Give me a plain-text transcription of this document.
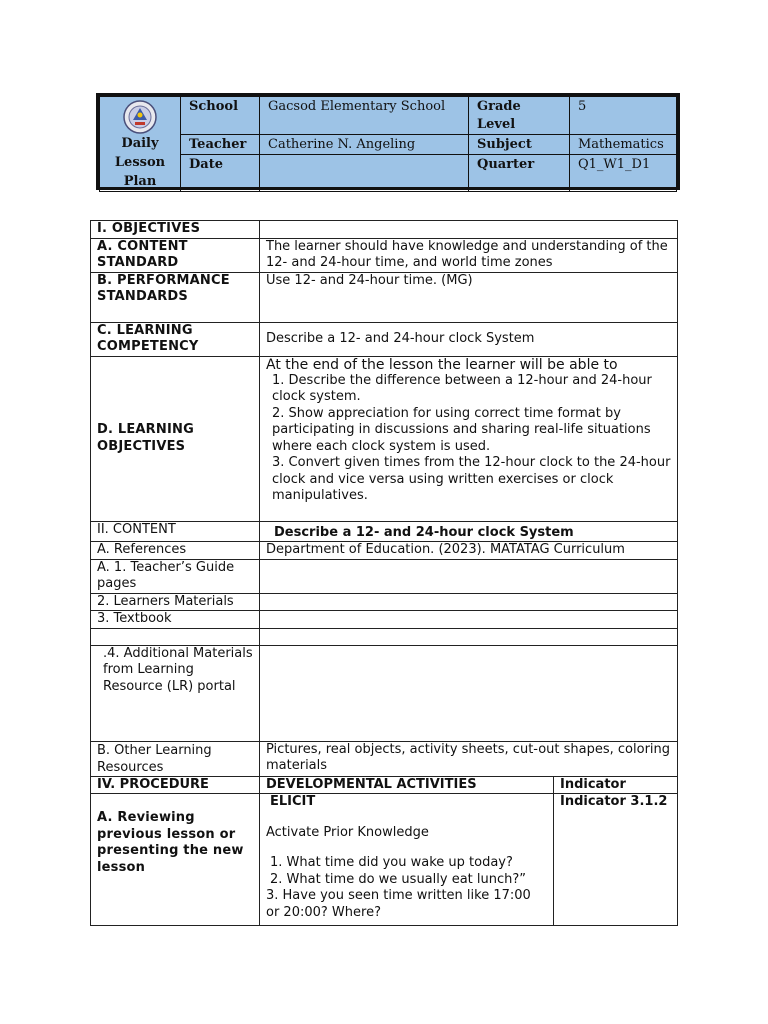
Daily
Lesson
Plan	School	Gacsod Elementary School	Grade Level	5
	Teacher	Catherine N. Angeling	Subject	Mathematics
	Date		Quarter	Q1_W1_D1
I. OBJECTIVES		
A. CONTENT STANDARD	The learner should have knowledge and understanding of the 12- and 24-hour time, and world time zones	
B. PERFORMANCE STANDARDS	Use 12- and 24-hour time. (MG)	
C. LEARNING COMPETENCY	Describe a 12- and 24-hour clock System	
D. LEARNING OBJECTIVES	At the end of the lesson the learner will be able to
1. Describe the difference between a 12-hour and 24-hour clock system.
2. Show appreciation for using correct time format by participating in discussions and sharing real-life situations where each clock system is used.
3. Convert given times from the 12-hour clock to the 24-hour clock and vice versa using written exercises or clock manipulatives.	

II. CONTENT	Describe a 12- and 24-hour clock System	
A. References	Department of Education. (2023). MATATAG Curriculum	
A. 1. Teacher’s Guide pages		
2. Learners Materials		
3. Textbook		

.4. Additional Materials from Learning Resource (LR) portal		
B. Other Learning Resources	Pictures, real objects, activity sheets, cut-out shapes, coloring materials	
IV. PROCEDURE	DEVELOPMENTAL ACTIVITIES	Indicator
A. Reviewing previous lesson or presenting the new lesson	ELICIT
Activate Prior Knowledge
1. What time did you wake up today?
2. What time do we usually eat lunch?”
3. Have you seen time written like 17:00 or 20:00? Where?	Indicator 3.1.2
